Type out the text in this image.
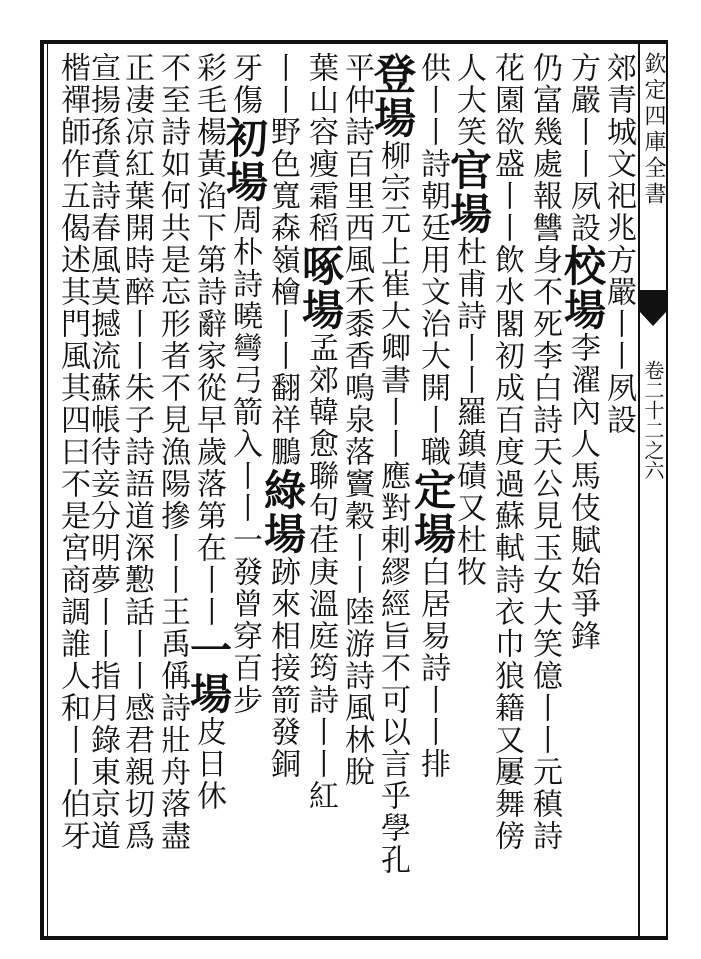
欽定四庫全書
卷二十二之六
郊青城文祀兆方嚴丨丨夙設
方嚴丨丨夙設校場李濯內人馬伎賦始爭鋒
仍富幾處報讐身不死李白詩天公見玉女大笑億丨丨元稹詩
花園欲盛丨丨飲水閣初成百度過蘇軾詩衣巾狼籍又屢舞傍
人大笑官場杜甫詩丨丨羅鎮磧又杜牧
供丨丨詩朝廷用文治大開丨職定場白居易詩丨丨排
登場柳宗元上崔大卿書丨丨應對剌繆經旨不可以言乎學孔
平仲詩百里西風禾黍香鳴泉落竇穀丨丨陸游詩風林脫
葉山容瘦霜稻啄場孟郊韓愈聯句荏庚溫庭筠詩丨丨紅
丨丨野色寬森嶺檜丨丨翻祥鵬綠場跡來相接箭發銅
牙傷初場周朴詩曉彎弓箭入丨丨一發曾穿百步
彩毛楊黃淊下第詩辭家從早歲落第在丨丨一場皮日休
不至詩如何共是忘形者不見漁陽摻丨丨王禹偁詩壯舟落盡
正凄凉紅葉開時醉丨丨朱子詩語道深懃話丨丨感君親切爲
宣揚孫賁詩春風莫撼流蘇帳待妾分明夢丨丨指月錄東京道
楷禪師作五偈述其門風其四曰不是宮商調誰人和丨丨伯牙
